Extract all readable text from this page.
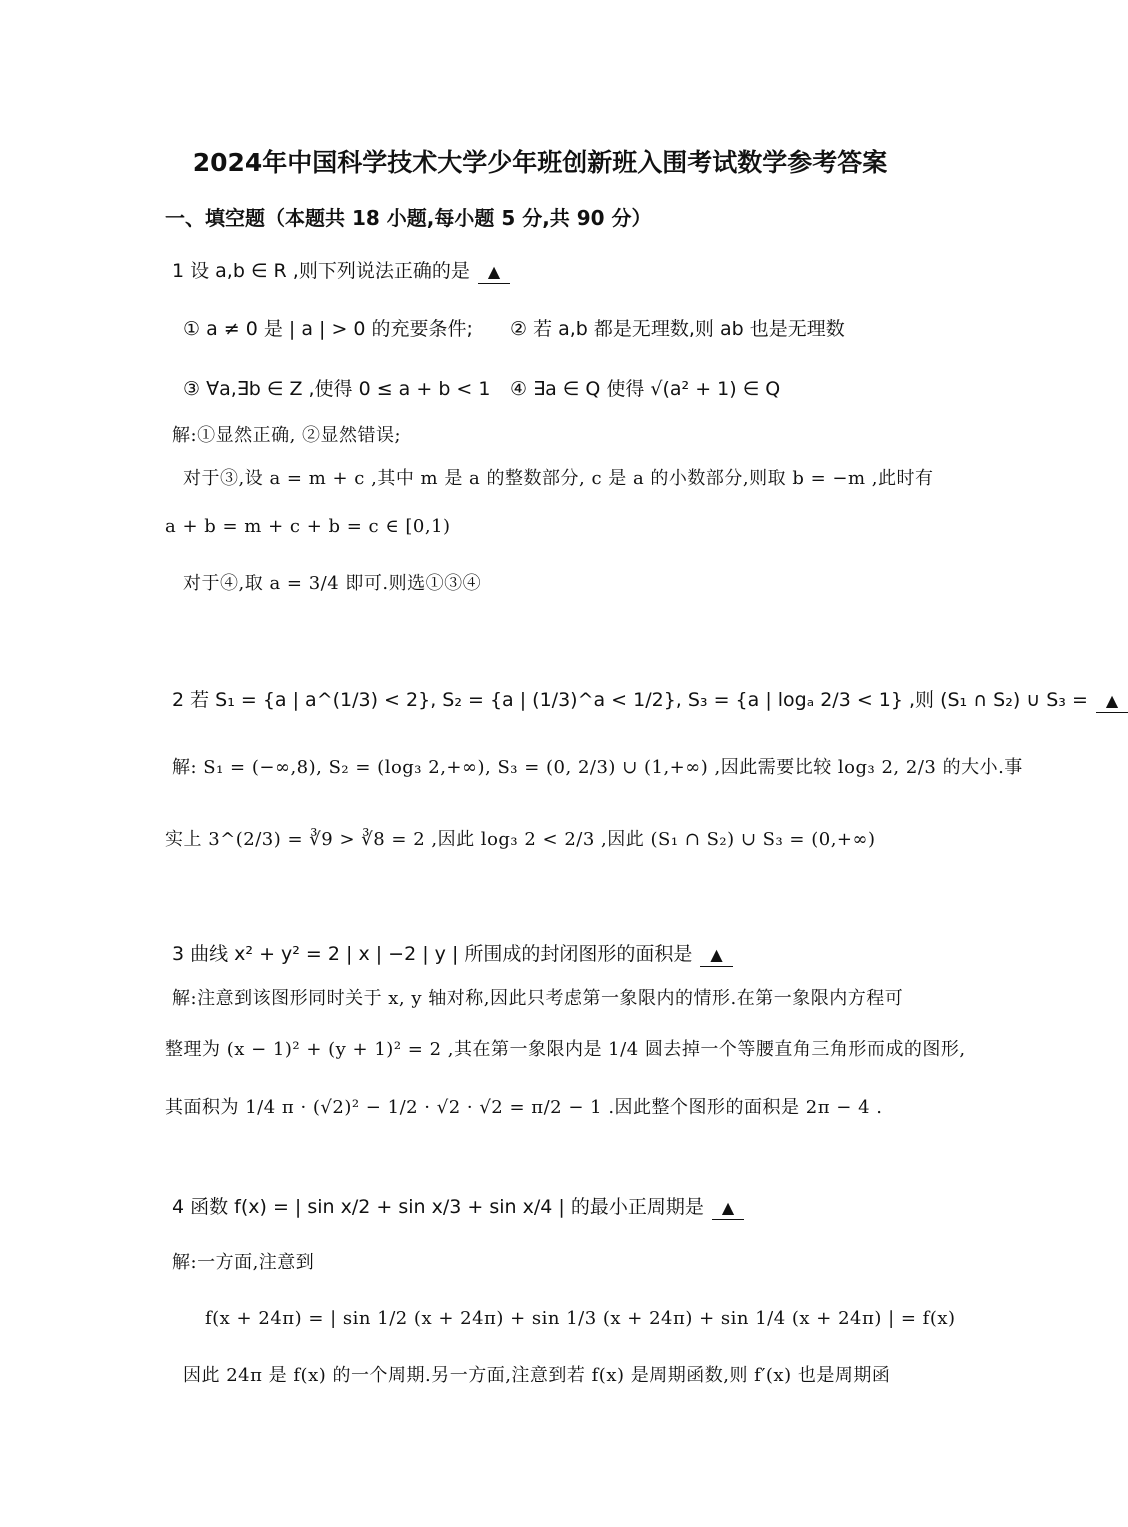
2024年中国科学技术大学少年班创新班入围考试数学参考答案
一、填空题（本题共 18 小题,每小题 5 分,共 90 分）
1 设 a,b ∈ R ,则下列说法正确的是 ▲
① a ≠ 0 是 | a | > 0 的充要条件; ② 若 a,b 都是无理数,则 ab 也是无理数
③ ∀a,∃b ∈ Z ,使得 0 ≤ a + b < 1 ④ ∃a ∈ Q 使得 √(a² + 1) ∈ Q
解:①显然正确, ②显然错误;
对于③,设 a = m + c ,其中 m 是 a 的整数部分, c 是 a 的小数部分,则取 b = −m ,此时有
a + b = m + c + b = c ∈ [0,1)
对于④,取 a = 3/4 即可.则选①③④
2 若 S₁ = {a | a^(1/3) < 2}, S₂ = {a | (1/3)^a < 1/2}, S₃ = {a | logₐ 2/3 < 1} ,则 (S₁ ∩ S₂) ∪ S₃ = ▲
解: S₁ = (−∞,8), S₂ = (log₃ 2,+∞), S₃ = (0, 2/3) ∪ (1,+∞) ,因此需要比较 log₃ 2, 2/3 的大小.事
实上 3^(2/3) = ∛9 > ∛8 = 2 ,因此 log₃ 2 < 2/3 ,因此 (S₁ ∩ S₂) ∪ S₃ = (0,+∞)
3 曲线 x² + y² = 2 | x | −2 | y | 所围成的封闭图形的面积是 ▲
解:注意到该图形同时关于 x, y 轴对称,因此只考虑第一象限内的情形.在第一象限内方程可
整理为 (x − 1)² + (y + 1)² = 2 ,其在第一象限内是 1/4 圆去掉一个等腰直角三角形而成的图形,
其面积为 1/4 π · (√2)² − 1/2 · √2 · √2 = π/2 − 1 .因此整个图形的面积是 2π − 4 .
4 函数 f(x) = | sin x/2 + sin x/3 + sin x/4 | 的最小正周期是 ▲
解:一方面,注意到
f(x + 24π) = | sin 1/2 (x + 24π) + sin 1/3 (x + 24π) + sin 1/4 (x + 24π) | = f(x)
因此 24π 是 f(x) 的一个周期.另一方面,注意到若 f(x) 是周期函数,则 f′(x) 也是周期函
